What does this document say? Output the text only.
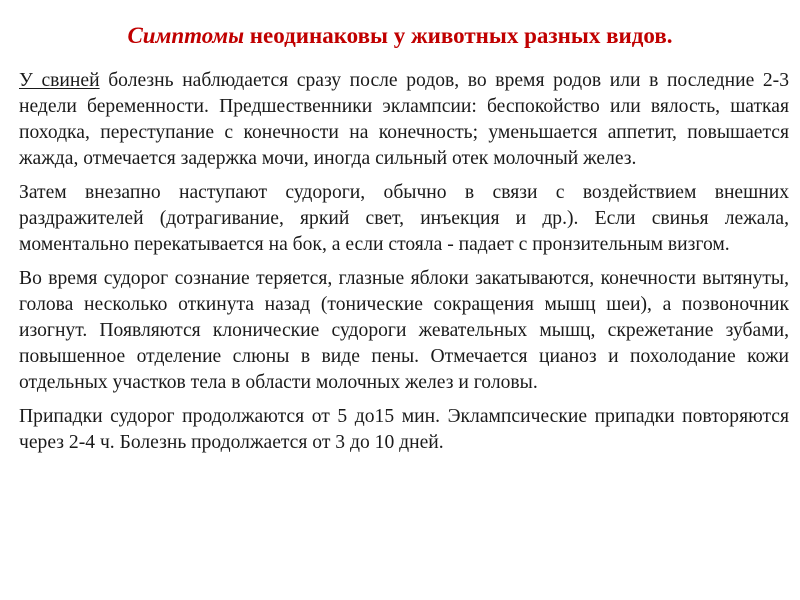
Симптомы неодинаковы у животных разных видов.

У свиней болезнь наблюдается сразу после родов, во время родов или в последние 2-3 недели беременности. Предшественники эклампсии: беспокойство или вялость, шаткая походка, переступание с конечности на конечность; уменьшается аппетит, повышается жажда, отмечается задержка мочи, иногда сильный отек молочный желез.

Затем внезапно наступают судороги, обычно в связи с воздействием внешних раздражителей (дотрагивание, яркий свет, инъекция и др.). Если свинья лежала, моментально перекатывается на бок, а если стояла - падает с пронзительным визгом.

Во время судорог сознание теряется, глазные яблоки закатываются, конечности вытянуты, голова несколько откинута назад (тонические сокращения мышц шеи), а позвоночник изогнут. Появляются клонические судороги жевательных мышц, скрежетание зубами, повышенное отделение слюны в виде пены. Отмечается цианоз и похолодание кожи отдельных участков тела в области молочных желез и головы.

Припадки судорог продолжаются от 5 до15 мин. Эклампсические припадки повторяются через 2-4 ч. Болезнь продолжается от 3 до 10 дней.
